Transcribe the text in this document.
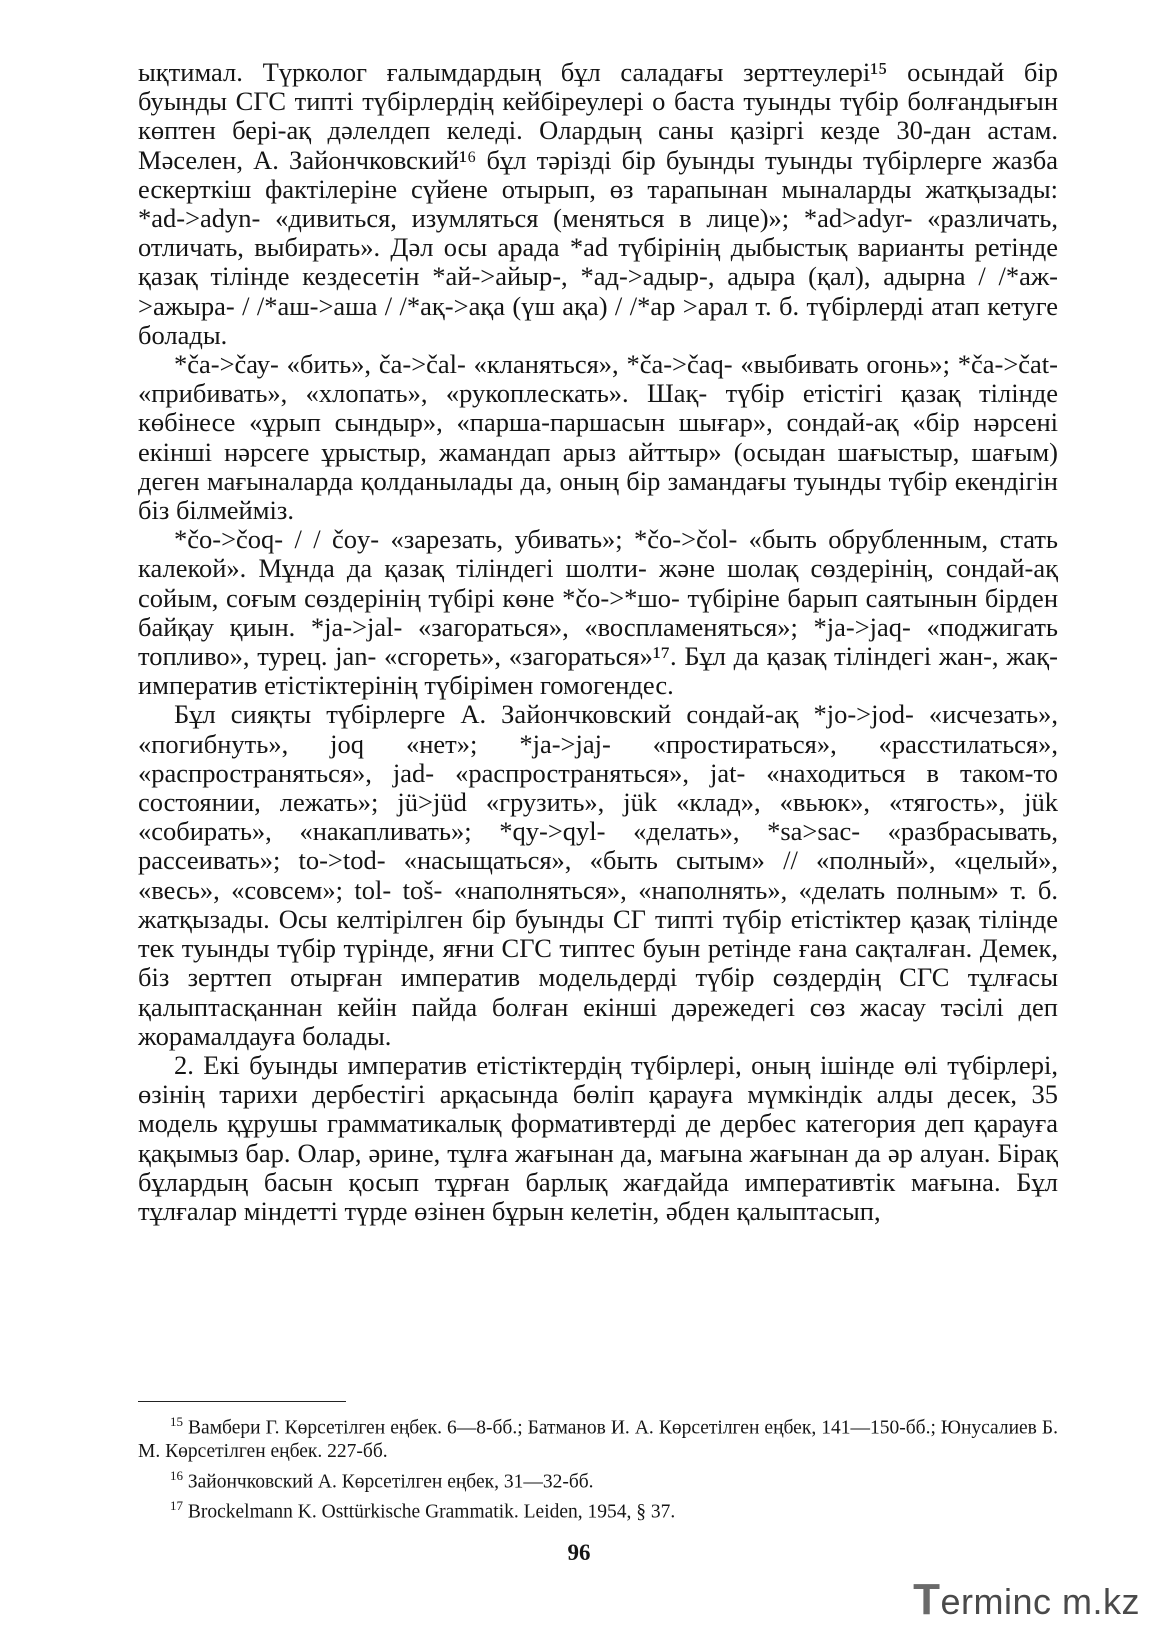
ықтимал. Түрколог ғалымдардың бұл саладағы зерттеулері¹⁵ осындай бір буынды СГС типті түбірлердің кейбіреулері о баста туынды түбір болғандығын көптен бері-ақ дәлелдеп келеді. Олардың саны қазіргі кезде 30-дан астам. Мәселен, А. Зайончковский¹⁶ бұл тәрізді бір буынды туынды түбірлерге жазба ескерткіш фактілеріне сүйене отырып, өз тарапынан мыналарды жатқызады: *ad->adyn- «дивиться, изумляться (меняться в лице)»; *ad>adyr- «различать, отличать, выбирать». Дәл осы арада *ad түбірінің дыбыстық варианты ретінде қазақ тілінде кездесетін *ай->айыр-, *ад->адыр-, адыра (қал), адырна / /*аж->ажыра- / /*аш->аша / /*ақ->ақа (үш ақа) / /*ар >арал т. б. түбірлерді атап кетуге болады.

*čа->čау- «бить», čа->čаl- «кланяться», *čа->čaq- «выбивать огонь»; *čа->čat- «прибивать», «хлопать», «рукоплескать». Шақ- түбір етістігі қазақ тілінде көбінесе «ұрып сындыр», «парша-паршасын шығар», сондай-ақ «бір нәрсені екінші нәрсеге ұрыстыр, жамандап арыз айттыр» (осыдан шағыстыр, шағым) деген мағыналарда қолданылады да, оның бір замандағы туынды түбір екендігін біз білмейміз.

*čо->čoq- / / čoy- «зарезать, убивать»; *čо->čol- «быть обрубленным, стать калекой». Мұнда да қазақ тіліндегі шолти- және шолақ сөздерінің, сондай-ақ сойым, соғым сөздерінің түбірі көне *čо->*шо- түбіріне барып саятынын бірден байқау қиын. *ja->jal- «загораться», «воспламеняться»; *ja->jaq- «поджигать топливо», турец. jan- «сгореть», «загораться»¹⁷. Бұл да қазақ тіліндегі жан-, жақ- императив етістіктерінің түбірімен гомогендес.

Бұл сияқты түбірлерге А. Зайончковский сондай-ақ *jo->jod- «исчезать», «погибнуть», joq «нет»; *ja->jaj- «простираться», «расстилаться», «распространяться», jad- «распространяться», jat- «находиться в таком-то состоянии, лежать»; jü>jüd «грузить», jük «клад», «вьюк», «тягость», jük «собирать», «накапливать»; *qy->qyl- «делать», *sa>sac- «разбрасывать, рассеивать»; to->tod- «насыщаться», «быть сытым» // «полный», «целый», «весь», «совсем»; tol- toš- «наполняться», «наполнять», «делать полным» т. б. жатқызады. Осы келтірілген бір буынды СГ типті түбір етістіктер қазақ тілінде тек туынды түбір түрінде, яғни СГС типтес буын ретінде ғана сақталған. Демек, біз зерттеп отырған императив модельдерді түбір сөздердің СГС тұлғасы қалыптасқаннан кейін пайда болған екінші дәрежедегі сөз жасау тәсілі деп жорамалдауға болады.

2. Екі буынды императив етістіктердің түбірлері, оның ішінде өлі түбірлері, өзінің тарихи дербестігі арқасында бөліп қарауға мүмкіндік алды десек, 35 модель құрушы грамматикалық формативтерді де дербес категория деп қарауға қақымыз бар. Олар, әрине, тұлға жағынан да, мағына жағынан да әр алуан. Бірақ бұлардың басын қосып тұрған барлық жағдайда императивтік мағына. Бұл тұлғалар міндетті түрде өзінен бұрын келетін, әбден қалыптасып,

$^{15}$ Вамбери Г. Көрсетілген еңбек. 6—8-бб.; Батманов И. А. Көрсетілген еңбек, 141—150-бб.; Юнусалиев Б. М. Көрсетілген еңбек. 227-бб.

$^{16}$ Зайончковский А. Көрсетілген еңбек, 31—32-бб.

$^{17}$ Brockelmann K. Osttürkische Grammatik. Leiden, 1954, § 37.

96
Terminc m.kz
